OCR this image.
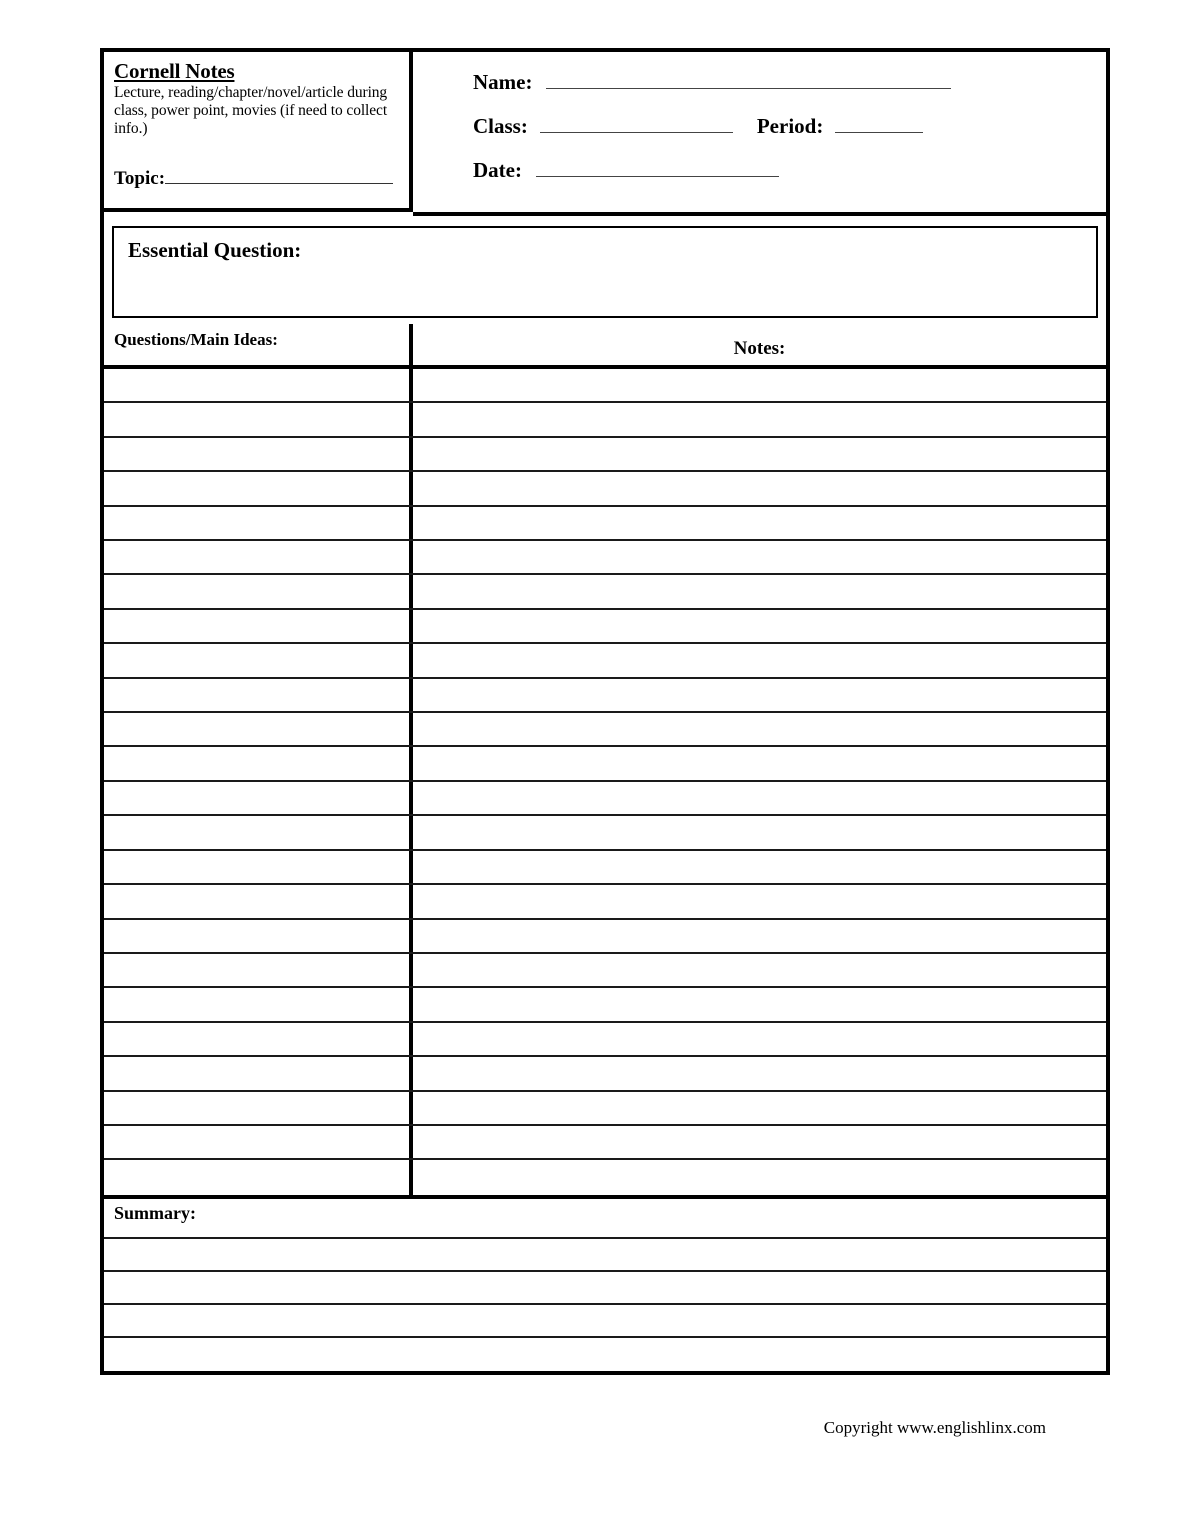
Cornell Notes
Lecture, reading/chapter/novel/article during class, power point, movies (if need to collect info.)
Topic:
Name:
Class:	Period:
Date:
Essential Question:
Questions/Main Ideas:	Notes:
Summary:
Copyright www.englishlinx.com
